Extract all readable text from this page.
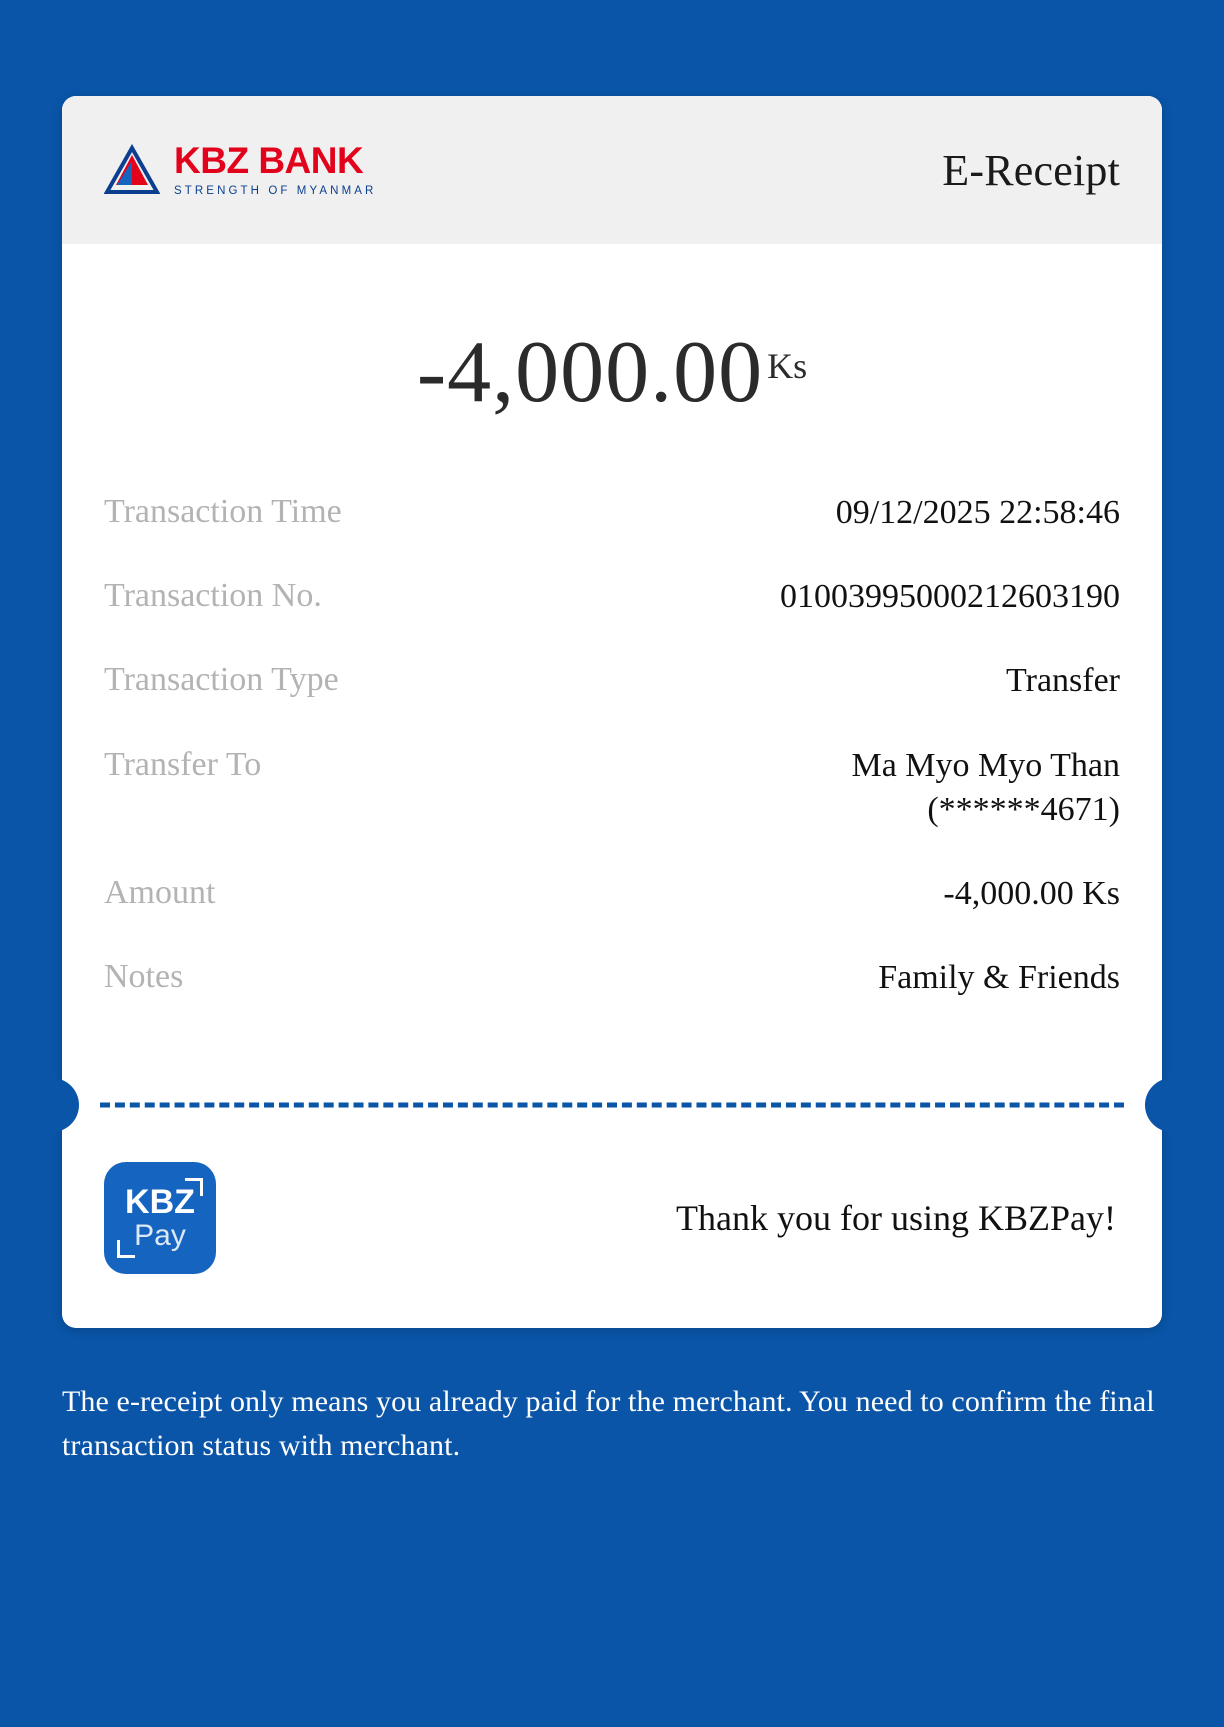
KBZ BANK
STRENGTH OF MYANMAR	E-Receipt
-4,000.00 Ks
Transaction Time	09/12/2025 22:58:46
Transaction No.	01003995000212603190
Transaction Type	Transfer
Transfer To	Ma Myo Myo Than
(******4671)
Amount	-4,000.00 Ks
Notes	Family & Friends
KBZ
Pay	Thank you for using KBZPay!
The e-receipt only means you already paid for the merchant. You need to confirm the final transaction status with merchant.
